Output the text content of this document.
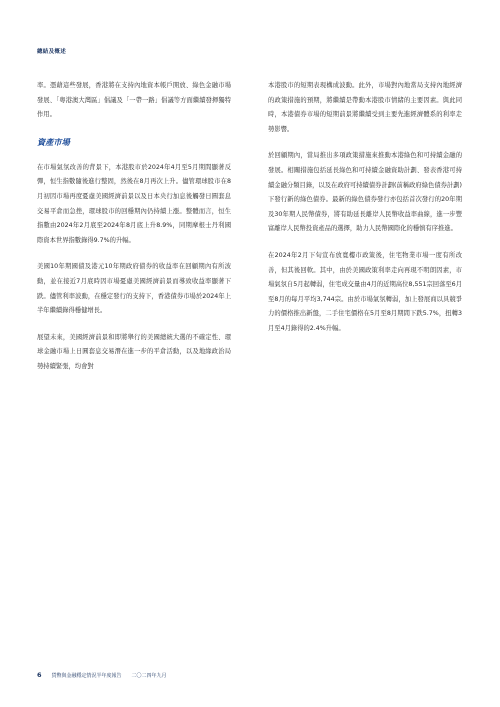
總結及概述

率。憑藉這些發展，香港將在支持內地資本帳戶開放、綠色金融市場發展、「粵港澳大灣區」倡議及「一帶一路」倡議等方面繼續發揮獨特作用。

資產市場

在市場氣氛改善的背景下，本港股市於2024年4月至5月期間顯著反彈，恒生指數隨後進行整固，然後在8月再次上升。儘管環球股市在8月初因市場再度憂慮美國經濟前景以及日本央行加息後觸發日圓套息交易平倉而急挫，環球股市的回穩期內仍持續上漲。整體而言，恒生指數由2024年2月底至2024年8月底上升8.9%，同期摩根士丹利國際資本世界指數錄得9.7%的升幅。

美國10年期國債及港元10年期政府債券的收益率在回顧期內有所波動，並在接近7月底時因市場憂慮美國經濟前景而導致收益率顯著下跌。儘管利率波動，在穩定發行的支持下，香港債券市場於2024年上半年繼續錄得穩健增長。

展望未來，美國經濟前景和即將舉行的美國總統大選的不確定性、環球金融市場上日圓套息交易潛在進一步的平倉活動，以及地緣政治局勢持續緊張，均會對

本港股市的短期表現構成波動。此外，市場對內地當局支持內地經濟的政策措施的預期，將繼續是帶動本港股市情緒的主要因素。與此同時，本港債券市場的短期前景將繼續受到主要先進經濟體系的利率走勢影響。

於回顧期內，當局推出多項政策措施來推動本港綠色和可持續金融的發展。相關措施包括延長綠色和可持續金融資助計劃、發表香港可持續金融分類目錄，以及在政府可持續債券計劃(前稱政府綠色債券計劃)下發行新的綠色債券。最新的綠色債券發行亦包括首次發行的20年期及30年期人民幣債券，將有助延長離岸人民幣收益率曲線，進一步豐富離岸人民幣投資產品的選擇，助力人民幣國際化的穩慎有序推進。

在2024年2月下旬宣布放寬樓市政策後，住宅物業市場一度有所改善，但其後回軟。其中，由於美國政策利率走向再現不明朗因素，市場氣氛自5月起轉弱，住宅成交量由4月的近期高位8,551宗回落至6月至8月的每月平均3,744宗。由於市場氣氛轉弱，加上發展商以具競爭力的價格推出新盤，二手住宅價格在5月至8月期間下跌5.7%，扭轉3月至4月錄得的2.4%升幅。

6 貨幣與金融穩定情況半年度報告 二〇二四年九月
